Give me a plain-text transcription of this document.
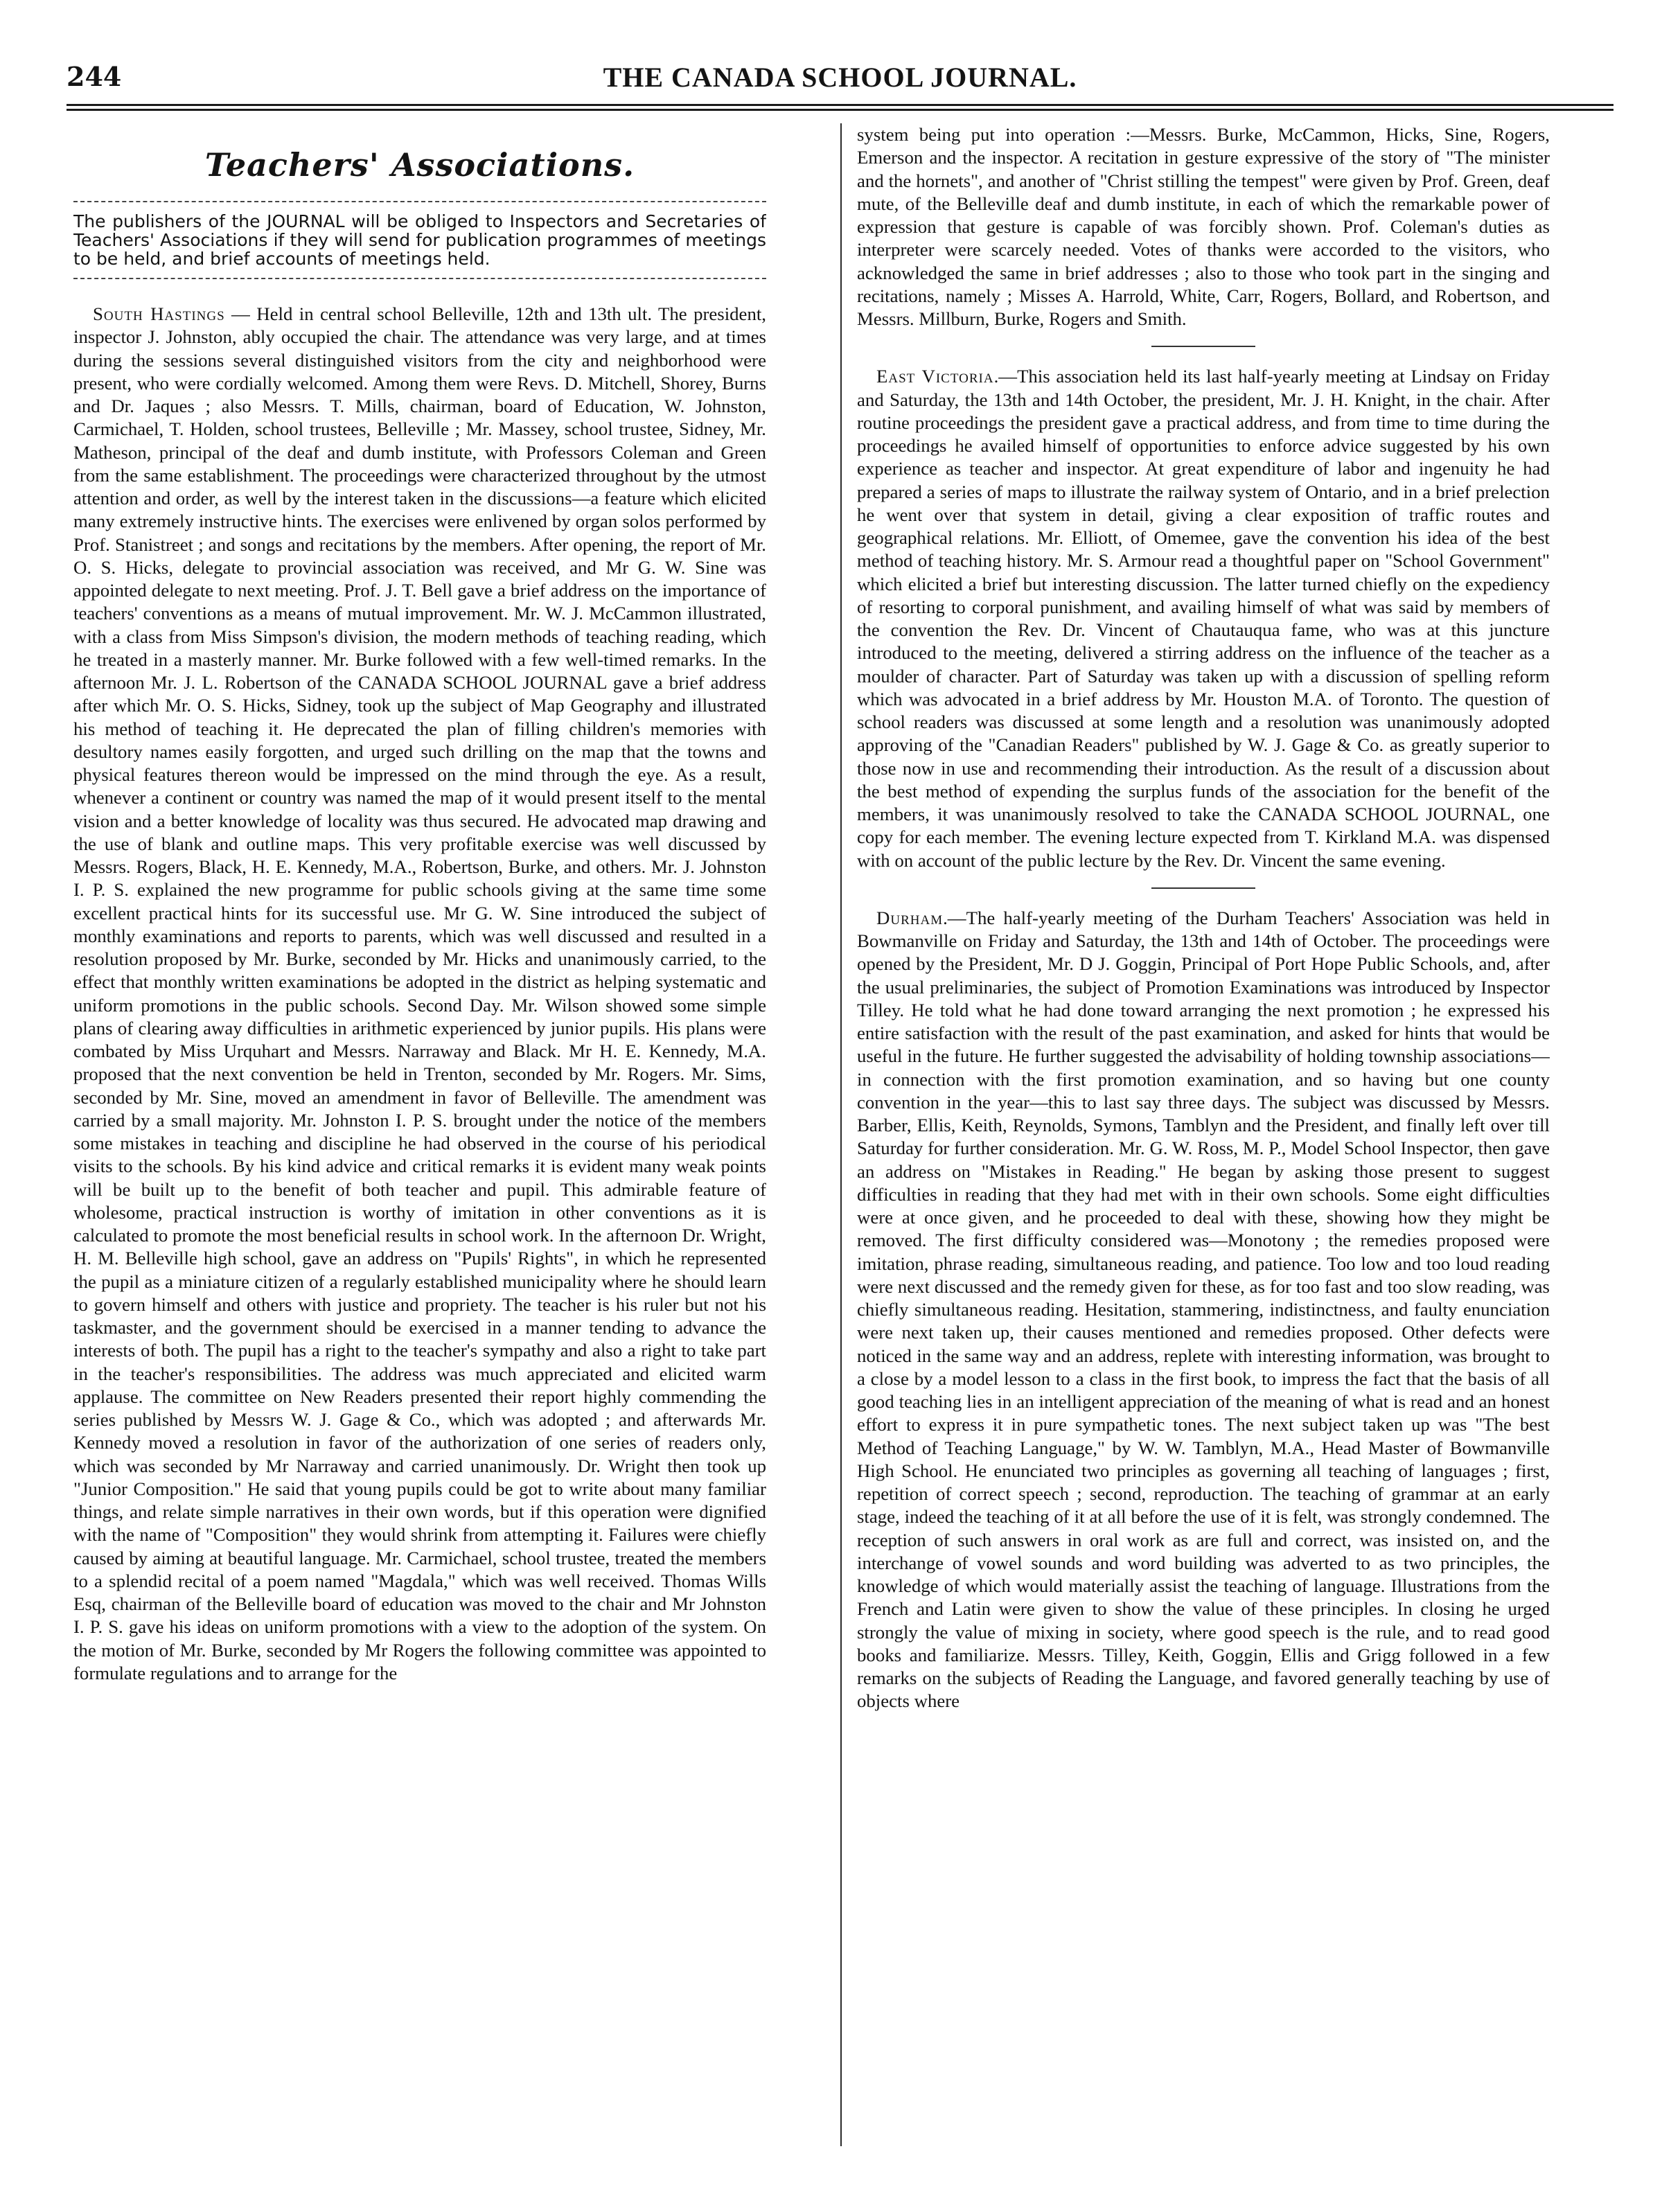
244	THE CANADA SCHOOL JOURNAL.
Teachers' Associations.
The publishers of the JOURNAL will be obliged to Inspectors and Secretaries of Teachers' Associations if they will send for publication programmes of meetings to be held, and brief accounts of meetings held.

South Hastings — Held in central school Belleville, 12th and 13th ult. The president, inspector J. Johnston, ably occupied the chair. The attendance was very large, and at times during the sessions several distinguished visitors from the city and neighborhood were present, who were cordially welcomed. Among them were Revs. D. Mitchell, Shorey, Burns and Dr. Jaques ; also Messrs. T. Mills, chairman, board of Education, W. Johnston, Carmichael, T. Holden, school trustees, Belleville ; Mr. Massey, school trustee, Sidney, Mr. Matheson, principal of the deaf and dumb institute, with Professors Coleman and Green from the same establishment. The proceedings were characterized throughout by the utmost attention and order, as well by the interest taken in the discussions—a feature which elicited many extremely instructive hints. The exercises were enlivened by organ solos performed by Prof. Stanistreet ; and songs and recitations by the members. After opening, the report of Mr. O. S. Hicks, delegate to provincial association was received, and Mr G. W. Sine was appointed delegate to next meeting. Prof. J. T. Bell gave a brief address on the importance of teachers' conventions as a means of mutual improvement. Mr. W. J. McCammon illustrated, with a class from Miss Simpson's division, the modern methods of teaching reading, which he treated in a masterly manner. Mr. Burke followed with a few well-timed remarks. In the afternoon Mr. J. L. Robertson of the CANADA SCHOOL JOURNAL gave a brief address after which Mr. O. S. Hicks, Sidney, took up the subject of Map Geography and illustrated his method of teaching it. He deprecated the plan of filling children's memories with desultory names easily forgotten, and urged such drilling on the map that the towns and physical features thereon would be impressed on the mind through the eye. As a result, whenever a continent or country was named the map of it would present itself to the mental vision and a better knowledge of locality was thus secured. He advocated map drawing and the use of blank and outline maps. This very profitable exercise was well discussed by Messrs. Rogers, Black, H. E. Kennedy, M.A., Robertson, Burke, and others. Mr. J. Johnston I. P. S. explained the new programme for public schools giving at the same time some excellent practical hints for its successful use. Mr G. W. Sine introduced the subject of monthly examinations and reports to parents, which was well discussed and resulted in a resolution proposed by Mr. Burke, seconded by Mr. Hicks and unanimously carried, to the effect that monthly written examinations be adopted in the district as helping systematic and uniform promotions in the public schools. Second Day. Mr. Wilson showed some simple plans of clearing away difficulties in arithmetic experienced by junior pupils. His plans were combated by Miss Urquhart and Messrs. Narraway and Black. Mr H. E. Kennedy, M.A. proposed that the next convention be held in Trenton, seconded by Mr. Rogers. Mr. Sims, seconded by Mr. Sine, moved an amendment in favor of Belleville. The amendment was carried by a small majority. Mr. Johnston I. P. S. brought under the notice of the members some mistakes in teaching and discipline he had observed in the course of his periodical visits to the schools. By his kind advice and critical remarks it is evident many weak points will be built up to the benefit of both teacher and pupil. This admirable feature of wholesome, practical instruction is worthy of imitation in other conventions as it is calculated to promote the most beneficial results in school work. In the afternoon Dr. Wright, H. M. Belleville high school, gave an address on "Pupils' Rights", in which he represented the pupil as a miniature citizen of a regularly established municipality where he should learn to govern himself and others with justice and propriety. The teacher is his ruler but not his taskmaster, and the government should be exercised in a manner tending to advance the interests of both. The pupil has a right to the teacher's sympathy and also a right to take part in the teacher's responsibilities. The address was much appreciated and elicited warm applause. The committee on New Readers presented their report highly commending the series published by Messrs W. J. Gage & Co., which was adopted ; and afterwards Mr. Kennedy moved a resolution in favor of the authorization of one series of readers only, which was seconded by Mr Narraway and carried unanimously. Dr. Wright then took up "Junior Composition." He said that young pupils could be got to write about many familiar things, and relate simple narratives in their own words, but if this operation were dignified with the name of "Composition" they would shrink from attempting it. Failures were chiefly caused by aiming at beautiful language. Mr. Carmichael, school trustee, treated the members to a splendid recital of a poem named "Magdala," which was well received. Thomas Wills Esq, chairman of the Belleville board of education was moved to the chair and Mr Johnston I. P. S. gave his ideas on uniform promotions with a view to the adoption of the system. On the motion of Mr. Burke, seconded by Mr Rogers the following committee was appointed to formulate regulations and to arrange for the

system being put into operation :—Messrs. Burke, McCammon, Hicks, Sine, Rogers, Emerson and the inspector. A recitation in gesture expressive of the story of "The minister and the hornets", and another of "Christ stilling the tempest" were given by Prof. Green, deaf mute, of the Belleville deaf and dumb institute, in each of which the remarkable power of expression that gesture is capable of was forcibly shown. Prof. Coleman's duties as interpreter were scarcely needed. Votes of thanks were accorded to the visitors, who acknowledged the same in brief addresses ; also to those who took part in the singing and recitations, namely ; Misses A. Harrold, White, Carr, Rogers, Bollard, and Robertson, and Messrs. Millburn, Burke, Rogers and Smith.

East Victoria.—This association held its last half-yearly meeting at Lindsay on Friday and Saturday, the 13th and 14th October, the president, Mr. J. H. Knight, in the chair. After routine proceedings the president gave a practical address, and from time to time during the proceedings he availed himself of opportunities to enforce advice suggested by his own experience as teacher and inspector. At great expenditure of labor and ingenuity he had prepared a series of maps to illustrate the railway system of Ontario, and in a brief prelection he went over that system in detail, giving a clear exposition of traffic routes and geographical relations. Mr. Elliott, of Omemee, gave the convention his idea of the best method of teaching history. Mr. S. Armour read a thoughtful paper on "School Government" which elicited a brief but interesting discussion. The latter turned chiefly on the expediency of resorting to corporal punishment, and availing himself of what was said by members of the convention the Rev. Dr. Vincent of Chautauqua fame, who was at this juncture introduced to the meeting, delivered a stirring address on the influence of the teacher as a moulder of character. Part of Saturday was taken up with a discussion of spelling reform which was advocated in a brief address by Mr. Houston M.A. of Toronto. The question of school readers was discussed at some length and a resolution was unanimously adopted approving of the "Canadian Readers" published by W. J. Gage & Co. as greatly superior to those now in use and recommending their introduction. As the result of a discussion about the best method of expending the surplus funds of the association for the benefit of the members, it was unanimously resolved to take the CANADA SCHOOL JOURNAL, one copy for each member. The evening lecture expected from T. Kirkland M.A. was dispensed with on account of the public lecture by the Rev. Dr. Vincent the same evening.

Durham.—The half-yearly meeting of the Durham Teachers' Association was held in Bowmanville on Friday and Saturday, the 13th and 14th of October. The proceedings were opened by the President, Mr. D J. Goggin, Principal of Port Hope Public Schools, and, after the usual preliminaries, the subject of Promotion Examinations was introduced by Inspector Tilley. He told what he had done toward arranging the next promotion ; he expressed his entire satisfaction with the result of the past examination, and asked for hints that would be useful in the future. He further suggested the advisability of holding township associations—in connection with the first promotion examination, and so having but one county convention in the year—this to last say three days. The subject was discussed by Messrs. Barber, Ellis, Keith, Reynolds, Symons, Tamblyn and the President, and finally left over till Saturday for further consideration. Mr. G. W. Ross, M. P., Model School Inspector, then gave an address on "Mistakes in Reading." He began by asking those present to suggest difficulties in reading that they had met with in their own schools. Some eight difficulties were at once given, and he proceeded to deal with these, showing how they might be removed. The first difficulty considered was—Monotony ; the remedies proposed were imitation, phrase reading, simultaneous reading, and patience. Too low and too loud reading were next discussed and the remedy given for these, as for too fast and too slow reading, was chiefly simultaneous reading. Hesitation, stammering, indistinctness, and faulty enunciation were next taken up, their causes mentioned and remedies proposed. Other defects were noticed in the same way and an address, replete with interesting information, was brought to a close by a model lesson to a class in the first book, to impress the fact that the basis of all good teaching lies in an intelligent appreciation of the meaning of what is read and an honest effort to express it in pure sympathetic tones. The next subject taken up was "The best Method of Teaching Language," by W. W. Tamblyn, M.A., Head Master of Bowmanville High School. He enunciated two principles as governing all teaching of languages ; first, repetition of correct speech ; second, reproduction. The teaching of grammar at an early stage, indeed the teaching of it at all before the use of it is felt, was strongly condemned. The reception of such answers in oral work as are full and correct, was insisted on, and the interchange of vowel sounds and word building was adverted to as two principles, the knowledge of which would materially assist the teaching of language. Illustrations from the French and Latin were given to show the value of these principles. In closing he urged strongly the value of mixing in society, where good speech is the rule, and to read good books and familiarize. Messrs. Tilley, Keith, Goggin, Ellis and Grigg followed in a few remarks on the subjects of Reading the Language, and favored generally teaching by use of objects where
